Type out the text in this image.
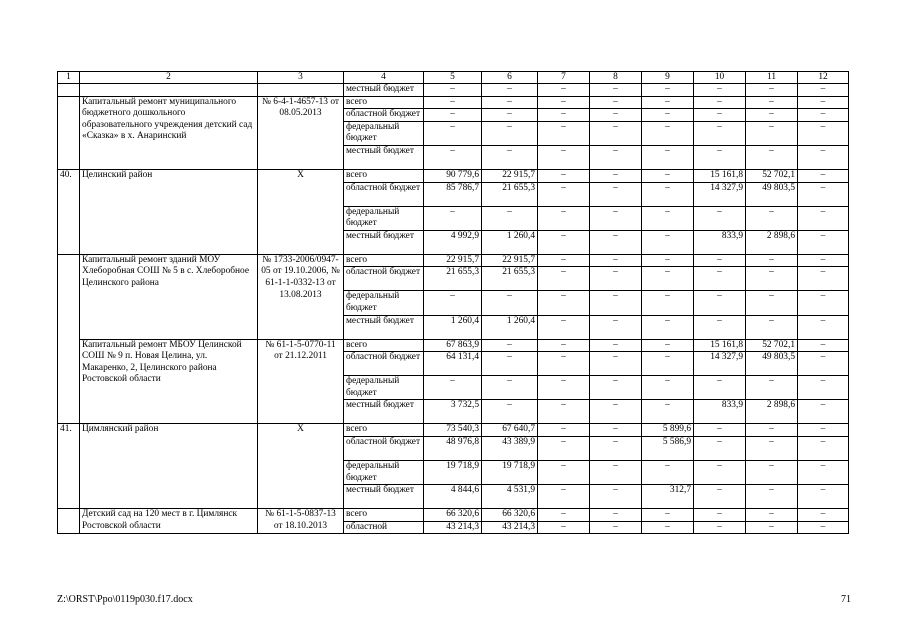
1	2	3	4	5	6	7	8	9	10	11	12
			местный бюджет	–	–	–	–	–	–	–	–
	Капитальный ремонт муниципального бюджетного дошкольного образовательного учреждения детский сад «Сказка» в х. Анаринский	№ 6-4-1-4657-13 от 08.05.2013	всего	–	–	–	–	–	–	–	–
			областной бюджет	–	–	–	–	–	–	–	–
			федеральный бюджет	–	–	–	–	–	–	–	–
			местный бюджет	–	–	–	–	–	–	–	–
40.	Целинский район	Х	всего	90 779,6	22 915,7	–	–	–	15 161,8	52 702,1	–
			областной бюджет	85 786,7	21 655,3	–	–	–	14 327,9	49 803,5	–
			федеральный бюджет	–	–	–	–	–	–	–	–
			местный бюджет	4 992,9	1 260,4	–	–	–	833,9	2 898,6	–
	Капитальный ремонт зданий МОУ Хлеборобная СОШ № 5 в с. Хлеборобное Целинского района	№ 1733-2006/0947-05 от 19.10.2006, № 61-1-1-0332-13 от 13.08.2013	всего	22 915,7	22 915,7	–	–	–	–	–	–
			областной бюджет	21 655,3	21 655,3	–	–	–	–	–	–
			федеральный бюджет	–	–	–	–	–	–	–	–
			местный бюджет	1 260,4	1 260,4	–	–	–	–	–	–
	Капитальный ремонт МБОУ Целинской СОШ № 9 п. Новая Целина, ул. Макаренко, 2, Целинского района Ростовской области	№ 61-1-5-0770-11 от 21.12.2011	всего	67 863,9	–	–	–	–	15 161,8	52 702,1	–
			областной бюджет	64 131,4	–	–	–	–	14 327,9	49 803,5	–
			федеральный бюджет	–	–	–	–	–	–	–	–
			местный бюджет	3 732,5	–	–	–	–	833,9	2 898,6	–
41.	Цимлянский район	Х	всего	73 540,3	67 640,7	–	–	5 899,6	–	–	–
			областной бюджет	48 976,8	43 389,9	–	–	5 586,9	–	–	–
			федеральный бюджет	19 718,9	19 718,9	–	–	–	–	–	–
			местный бюджет	4 844,6	4 531,9	–	–	312,7	–	–	–
	Детский сад на 120 мест в г. Цимлянск Ростовской области	№ 61-1-5-0837-13 от 18.10.2013	всего	66 320,6	66 320,6	–	–	–	–	–	–
			областной	43 214,3	43 214,3	–	–	–	–	–	–
Z:\ORST\Ppo\0119p030.f17.docx	71
